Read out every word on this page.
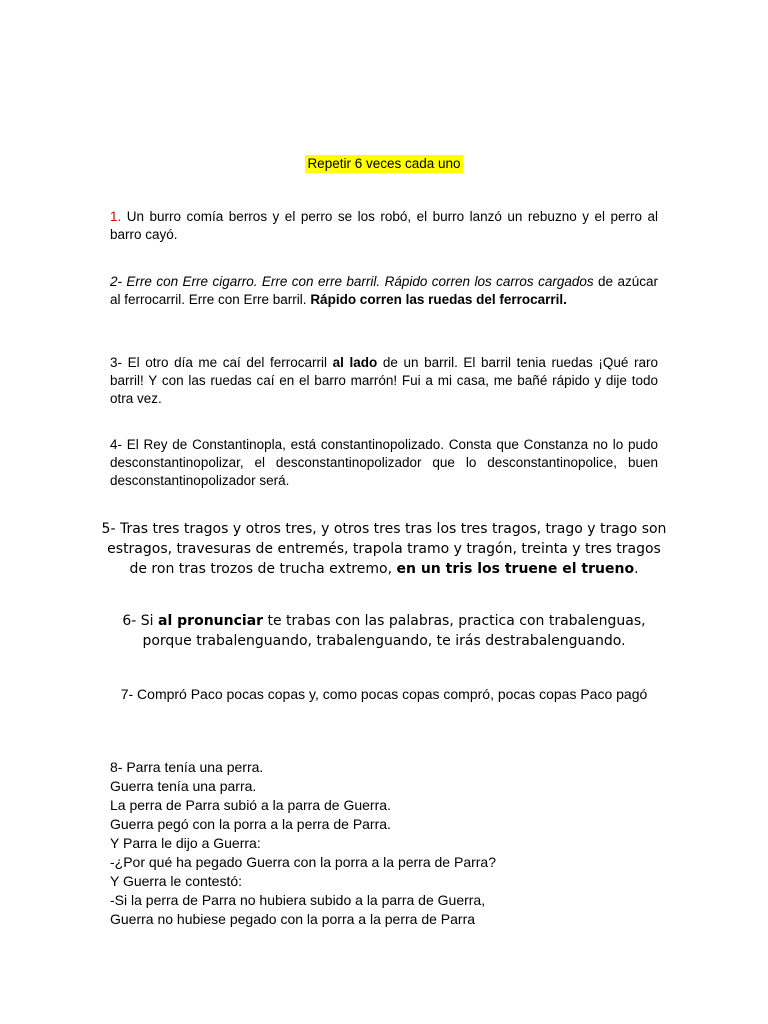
Repetir 6 veces cada uno

1. Un burro comía berros y el perro se los robó, el burro lanzó un rebuzno y el perro al barro cayó.

2- Erre con Erre cigarro. Erre con erre barril. Rápido corren los carros cargados de azúcar al ferrocarril. Erre con Erre barril. Rápido corren las ruedas del ferrocarril.

3- El otro día me caí del ferrocarril al lado de un barril. El barril tenia ruedas ¡Qué raro barril! Y con las ruedas caí en el barro marrón! Fui a mi casa, me bañé rápido y dije todo otra vez.

4- El Rey de Constantinopla, está constantinopolizado. Consta que Constanza no lo pudo desconstantinopolizar, el desconstantinopolizador que lo desconstantinopolice, buen desconstantinopolizador será.

5- Tras tres tragos y otros tres, y otros tres tras los tres tragos, trago y trago son estragos, travesuras de entremés, trapola tramo y tragón, treinta y tres tragos de ron tras trozos de trucha extremo, en un tris los truene el trueno.
6- Si al pronunciar te trabas con las palabras, practica con trabalenguas, porque trabalenguando, trabalenguando, te irás destrabalenguando.
7- Compró Paco pocas copas y, como pocas copas compró, pocas copas Paco pagó
8- Parra tenía una perra.
Guerra tenía una parra.
La perra de Parra subió a la parra de Guerra.
Guerra pegó con la porra a la perra de Parra.
Y Parra le dijo a Guerra:
-¿Por qué ha pegado Guerra con la porra a la perra de Parra?
Y Guerra le contestó:
-Si la perra de Parra no hubiera subido a la parra de Guerra,
Guerra no hubiese pegado con la porra a la perra de Parra
